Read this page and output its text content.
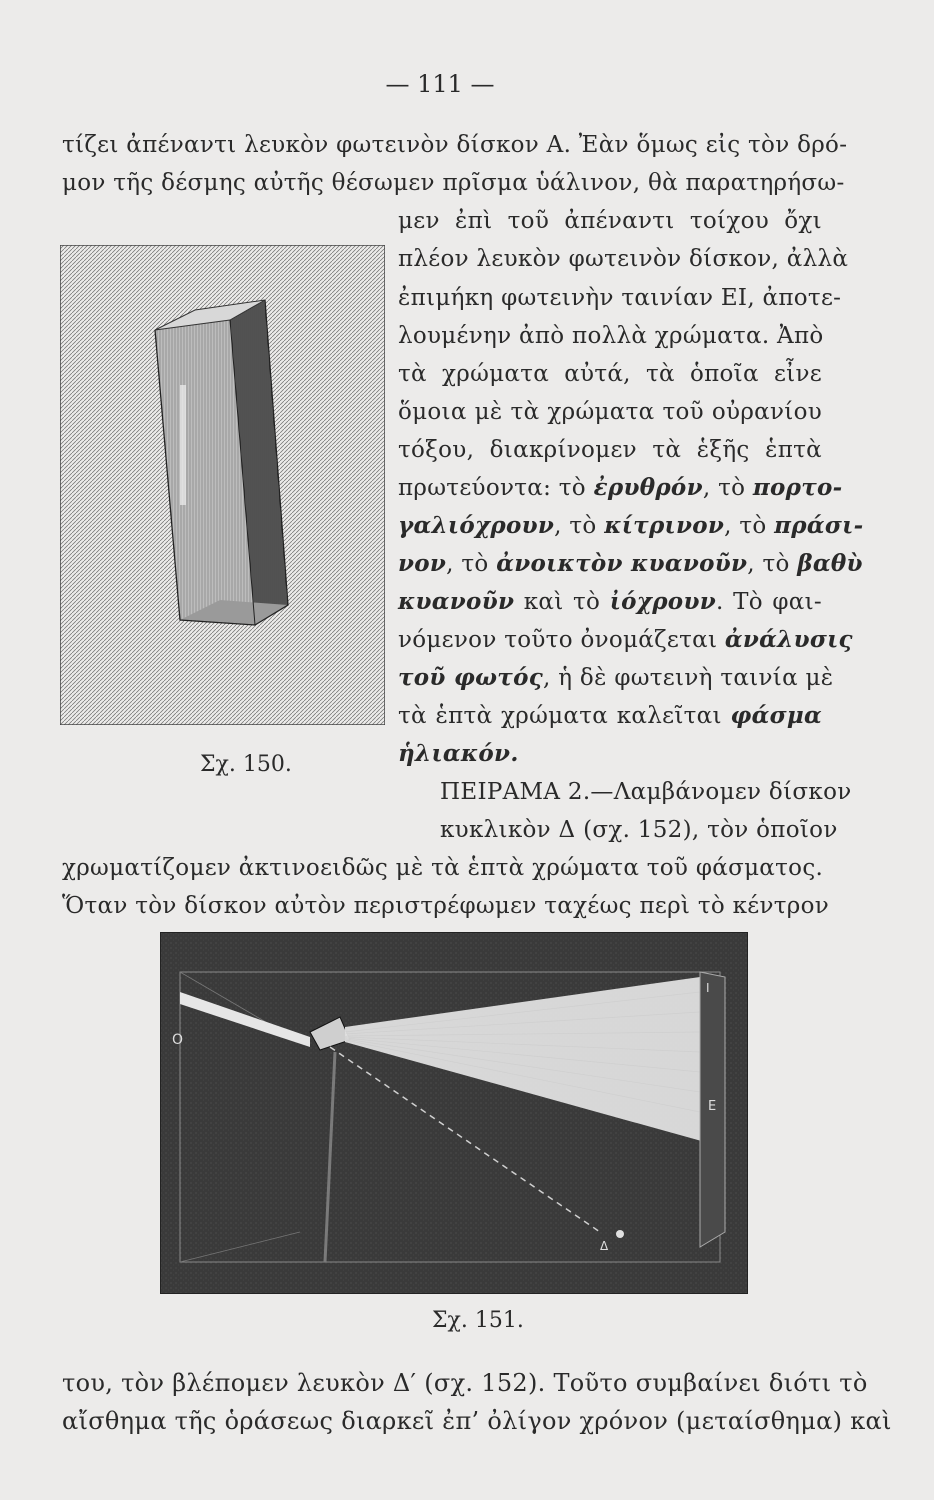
— 111 —
τίζει ἀπέναντι λευκὸν φωτεινὸν δίσκον Α. Ἐὰν ὅμως εἰς τὸν δρό-
μον τῆς δέσμης αὐτῆς θέσωμεν πρῖσμα ὑάλινον, θὰ παρατηρήσω-
μεν ἐπὶ τοῦ ἀπέναντι τοίχου ὄχι
πλέον λευκὸν φωτεινὸν δίσκον, ἀλλὰ
ἐπιμήκη φωτεινὴν ταινίαν ΕΙ, ἀποτε-
λουμένην ἀπὸ πολλὰ χρώματα. Ἀπὸ
τὰ χρώματα αὐτά, τὰ ὁποῖα εἶνε
ὅμοια μὲ τὰ χρώματα τοῦ οὐρανίου
τόξου, διακρίνομεν τὰ ἑξῆς ἑπτὰ
πρωτεύοντα: τὸ ἐρυθρόν, τὸ πορτο-
γαλιόχρουν, τὸ κίτρινον, τὸ πράσι-
νον, τὸ ἀνοικτὸν κυανοῦν, τὸ βαθὺ
κυανοῦν καὶ τὸ ἰόχρουν. Τὸ φαι-
νόμενον τοῦτο ὀνομάζεται ἀνάλυσις
τοῦ φωτός, ἡ δὲ φωτεινὴ ταινία μὲ
τὰ ἑπτὰ χρώματα καλεῖται φάσμα
ἡλιακόν.
ΠΕΙΡΑΜΑ 2.—Λαμβάνομεν δίσκον
κυκλικὸν Δ (σχ. 152), τὸν ὁποῖον
χρωματίζομεν ἀκτινοειδῶς μὲ τὰ ἑπτὰ χρώματα τοῦ φάσματος.
Ὅταν τὸν δίσκον αὐτὸν περιστρέφωμεν ταχέως περὶ τὸ κέντρον
Σχ. 150.
O
E
I
Δ
Σχ. 151.
του, τὸν βλέπομεν λευκὸν Δ′ (σχ. 152). Τοῦτο συμβαίνει διότι τὸ
αἴσθημα τῆς ὁράσεως διαρκεῖ ἐπ’ ὀλίγον χρόνον (μεταίσθημα) καὶ
